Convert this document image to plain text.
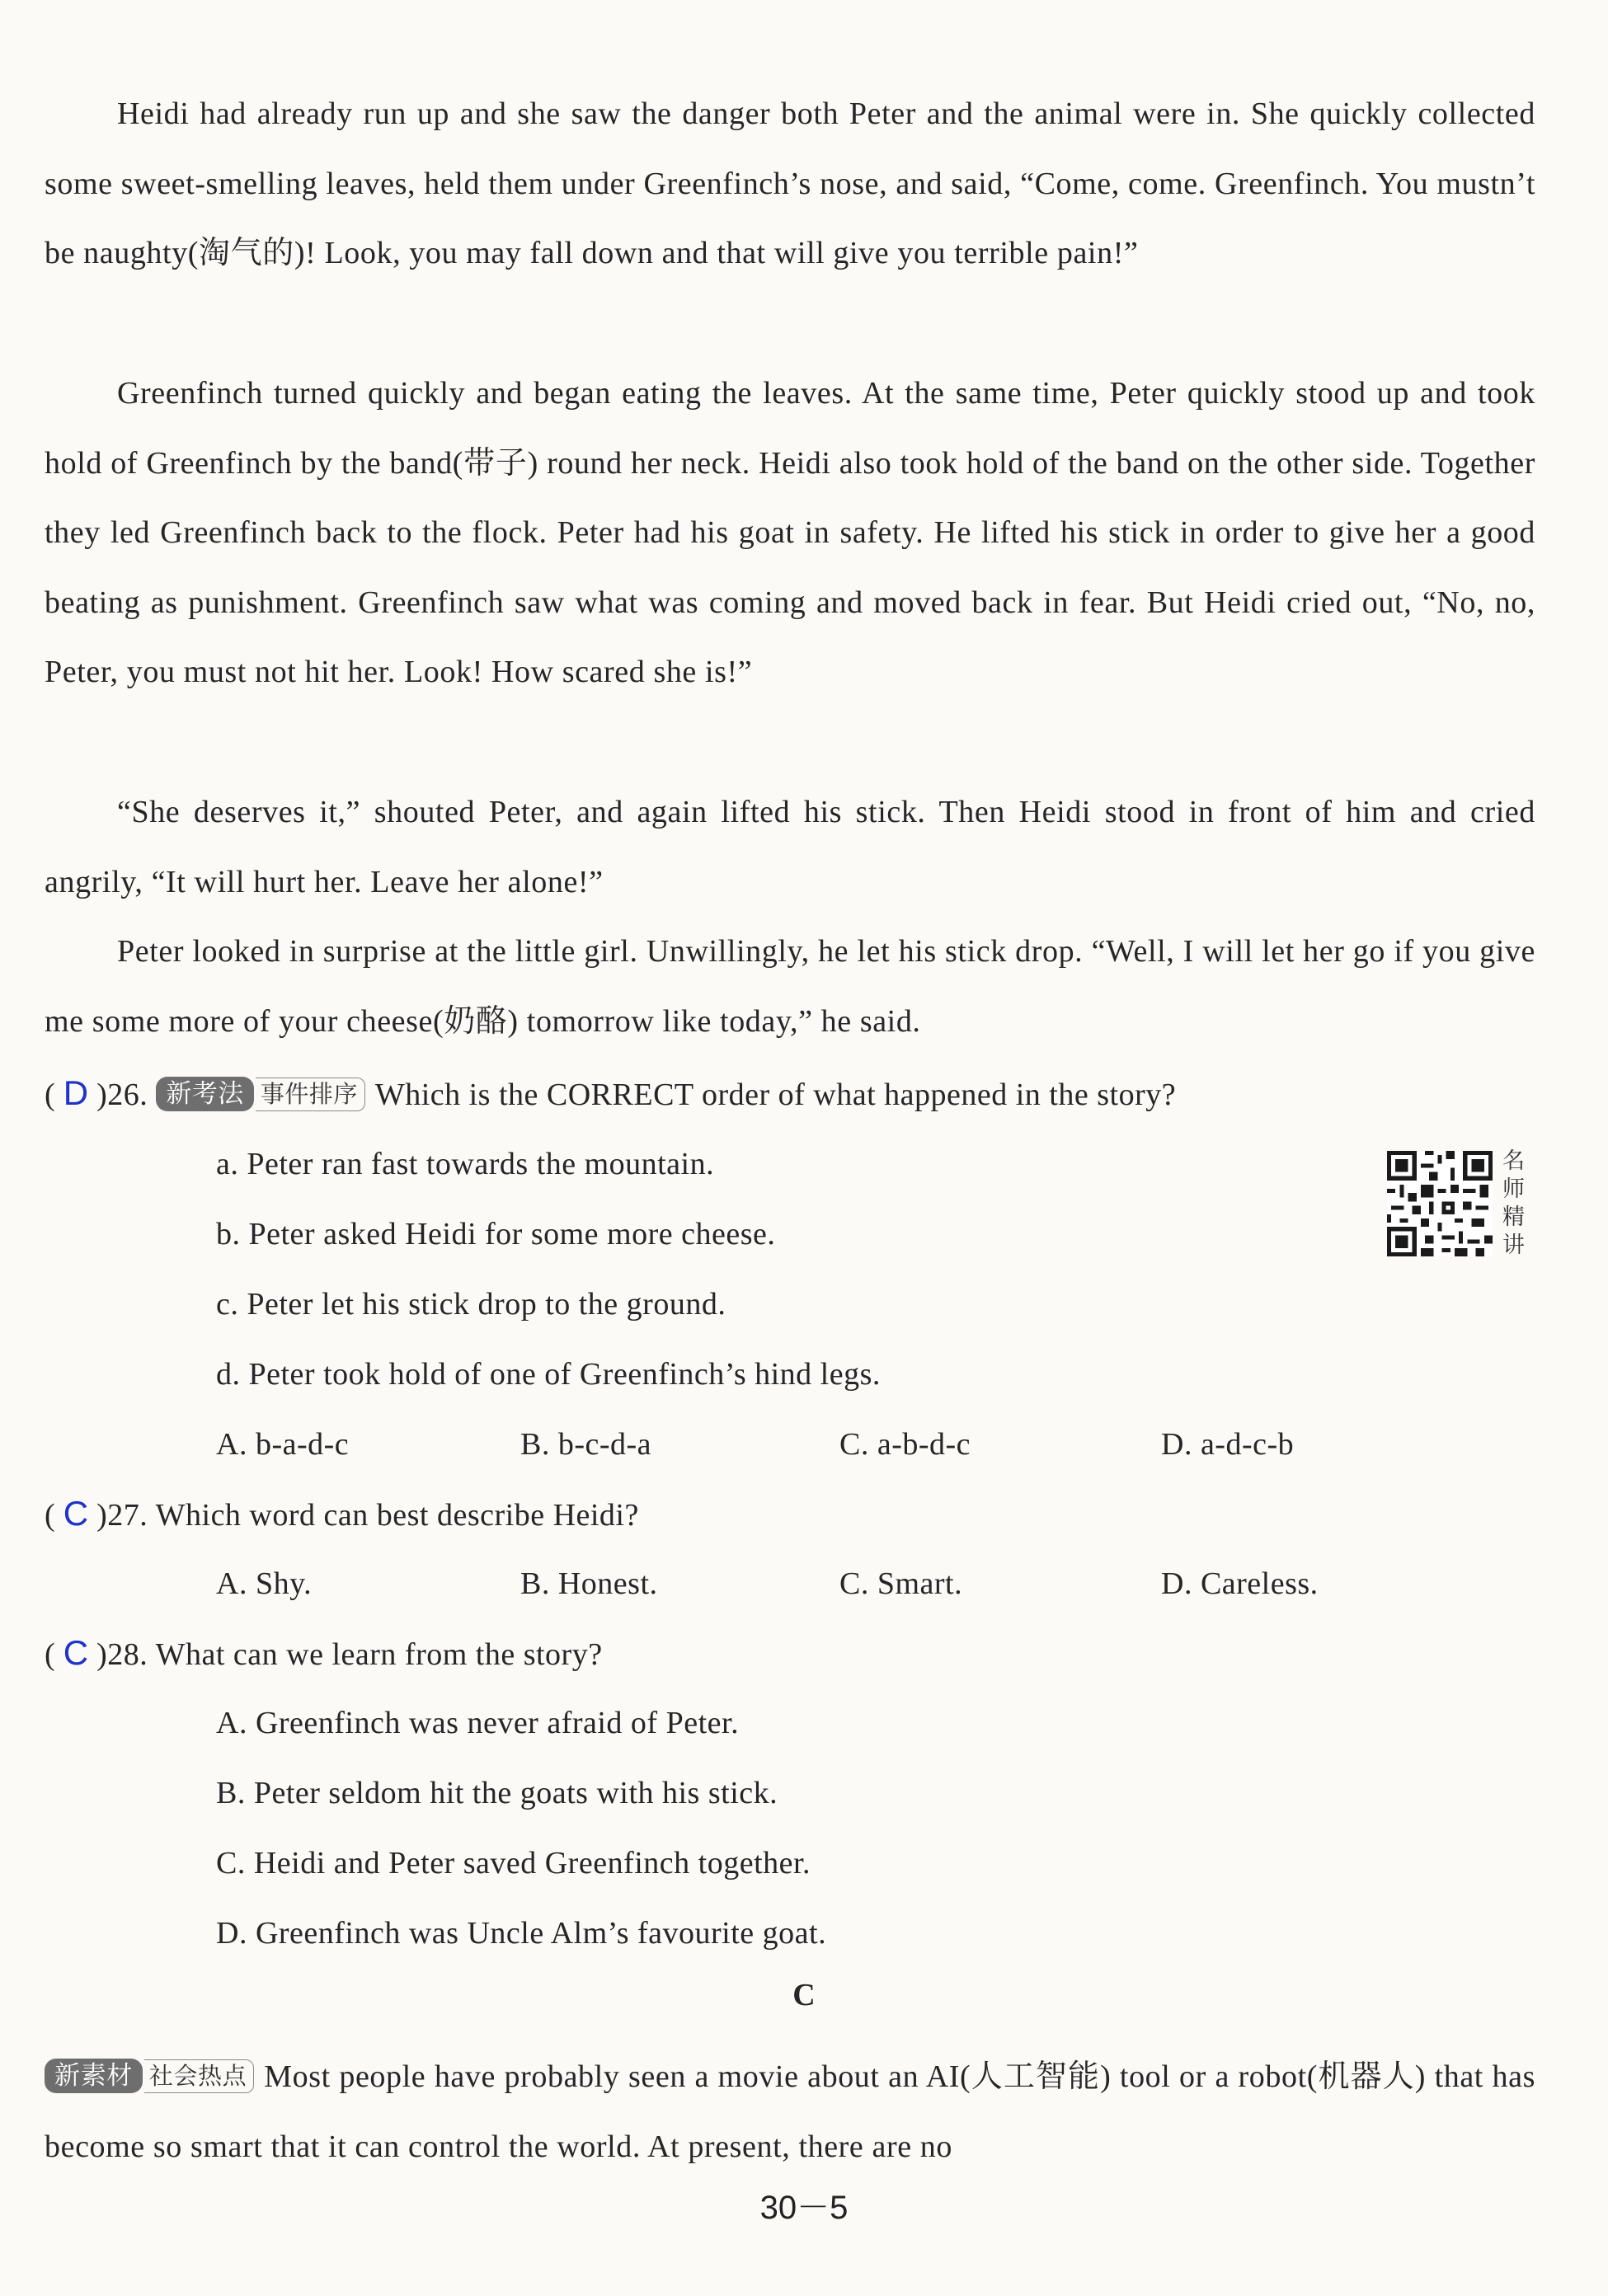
Heidi had already run up and she saw the danger both Peter and the animal were in. She quickly collected some sweet-smelling leaves, held them under Greenfinch’s nose, and said, “Come, come. Greenfinch. You mustn’t be naughty(淘气的)! Look, you may fall down and that will give you terrible pain!”

Greenfinch turned quickly and began eating the leaves. At the same time, Peter quickly stood up and took hold of Greenfinch by the band(带子) round her neck. Heidi also took hold of the band on the other side. Together they led Greenfinch back to the flock. Peter had his goat in safety. He lifted his stick in order to give her a good beating as punishment. Greenfinch saw what was coming and moved back in fear. But Heidi cried out, “No, no, Peter, you must not hit her. Look! How scared she is!”

“She deserves it,” shouted Peter, and again lifted his stick. Then Heidi stood in front of him and cried angrily, “It will hurt her. Leave her alone!”

Peter looked in surprise at the little girl. Unwillingly, he let his stick drop. “Well, I will let her go if you give me some more of your cheese(奶酪) tomorrow like today,” he said.

( D )26. 新考法 事件排序 Which is the CORRECT order of what happened in the story?
a. Peter ran fast towards the mountain.
b. Peter asked Heidi for some more cheese.
c. Peter let his stick drop to the ground.
d. Peter took hold of one of Greenfinch’s hind legs.
A. b-a-d-c	B. b-c-d-a	C. a-b-d-c	D. a-d-c-b
名
师
精
讲
( C )27. Which word can best describe Heidi?
A. Shy.	B. Honest.	C. Smart.	D. Careless.
( C )28. What can we learn from the story?
A. Greenfinch was never afraid of Peter.
B. Peter seldom hit the goats with his stick.
C. Heidi and Peter saved Greenfinch together.
D. Greenfinch was Uncle Alm’s favourite goat.
C

新素材 社会热点 Most people have probably seen a movie about an AI(人工智能) tool or a robot(机器人) that has become so smart that it can control the world. At present, there are no

30－5
